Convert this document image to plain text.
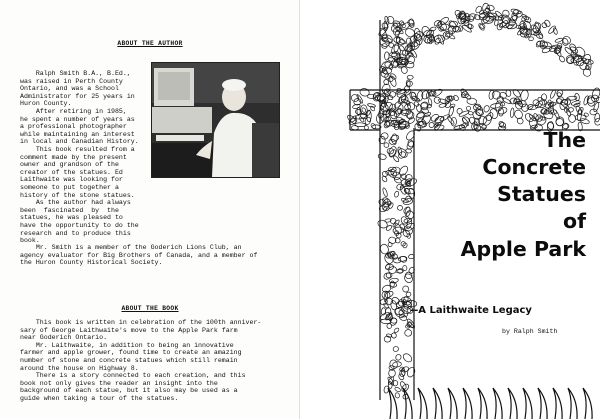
ABOUT THE AUTHOR
Ralph Smith B.A., B.Ed.,
was raised in Perth County
Ontario, and was a School
Administrator for 25 years in
Huron County.
After retiring in 1985,
he spent a number of years as
a professional photographer
while maintaining an interest
in local and Canadian History.
This book resulted from a
comment made by the present
owner and grandson of the
creator of the statues. Ed
Laithwaite was looking for
someone to put together a
history of the stone statues.
As the author had always
been  fascinated  by  the
statues, he was pleased to
have the opportunity to do the
research and to produce this
book.
Mr. Smith is a member of the Goderich Lions Club, an
agency evaluator for Big Brothers of Canada, and a member of
the Huron County Historical Society.
ABOUT THE BOOK
This book is written in celebration of the 100th anniver-
sary of George Laithwaite's move to the Apple Park farm
near Goderich Ontario.
Mr. Laithwaite, in addition to being an innovative
farmer and apple grower, found time to create an amazing
number of stone and concrete statues which still remain
around the house on Highway 8.
There is a story connected to each creation, and this
book not only gives the reader an insight into the
background of each statue, but it also may be used as a
guide when taking a tour of the statues.
The
Concrete
Statues
of
Apple Park
--A Laithwaite Legacy
by Ralph Smith
